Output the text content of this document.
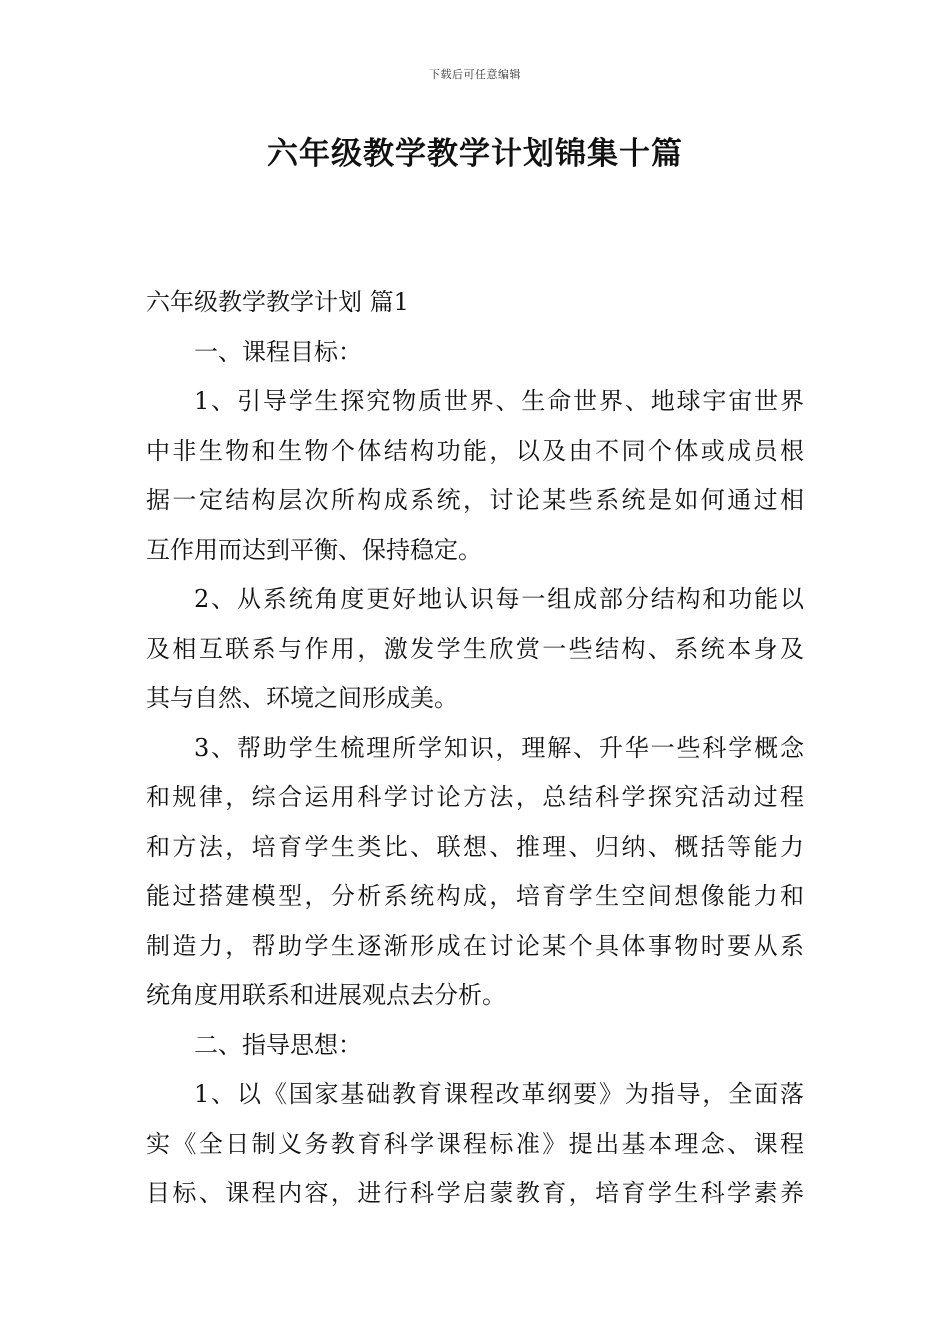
下载后可任意编辑
六年级教学教学计划锦集十篇
六年级教学教学计划 篇1
一、课程目标：
1、引导学生探究物质世界、生命世界、地球宇宙世界
中非生物和生物个体结构功能，以及由不同个体或成员根
据一定结构层次所构成系统，讨论某些系统是如何通过相
互作用而达到平衡、保持稳定。
2、从系统角度更好地认识每一组成部分结构和功能以
及相互联系与作用，激发学生欣赏一些结构、系统本身及
其与自然、环境之间形成美。
3、帮助学生梳理所学知识，理解、升华一些科学概念
和规律，综合运用科学讨论方法，总结科学探究活动过程
和方法，培育学生类比、联想、推理、归纳、概括等能力
能过搭建模型，分析系统构成，培育学生空间想像能力和
制造力，帮助学生逐渐形成在讨论某个具体事物时要从系
统角度用联系和进展观点去分析。
二、指导思想：
1、以《国家基础教育课程改革纲要》为指导，全面落
实《全日制义务教育科学课程标准》提出基本理念、课程
目标、课程内容，进行科学启蒙教育，培育学生科学素养
